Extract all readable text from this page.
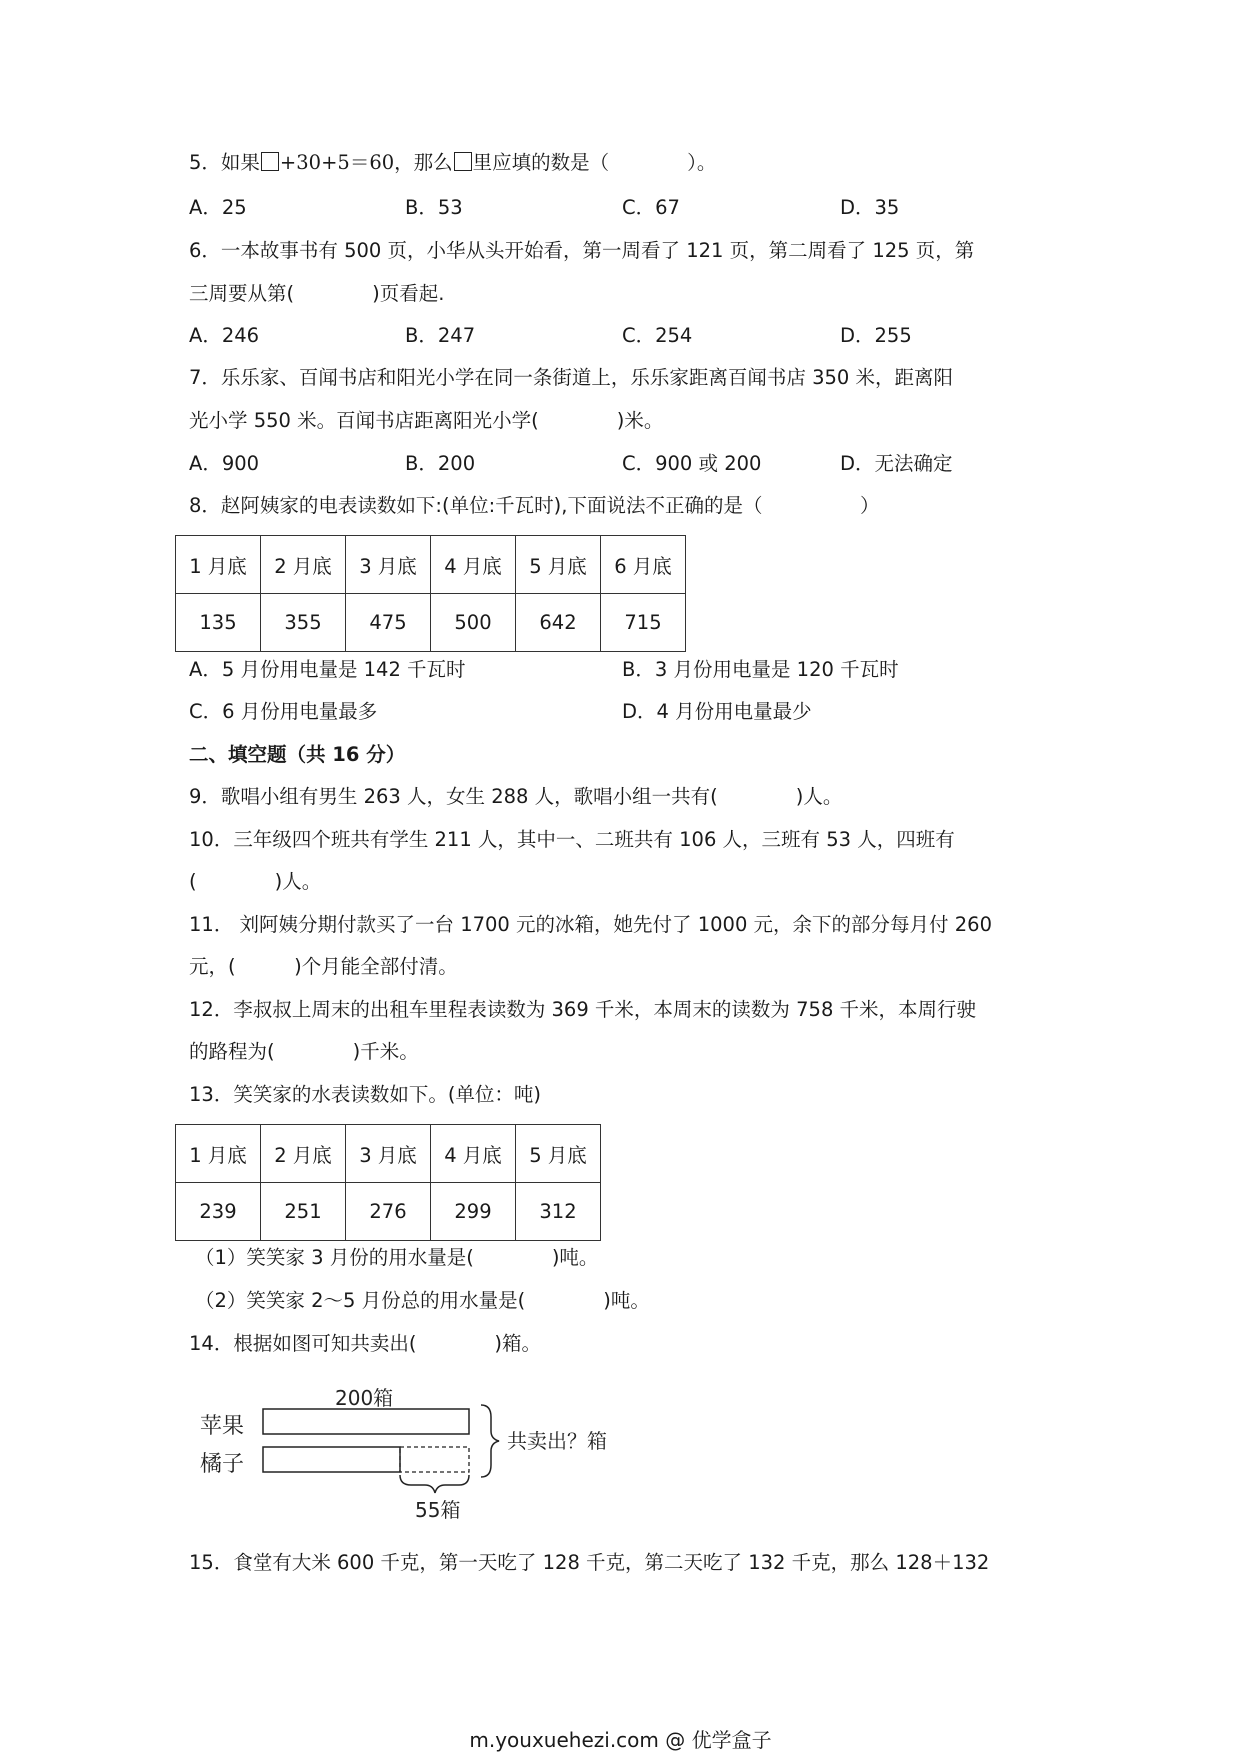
5．如果 +30+5＝60，那么 里应填的数是（　　　　）。
A．25	B．53	C．67	D．35
6．一本故事书有 500 页，小华从头开始看，第一周看了 121 页，第二周看了 125 页，第
三周要从第(　　　　)页看起.
A．246	B．247	C．254	D．255
7．乐乐家、百闻书店和阳光小学在同一条街道上，乐乐家距离百闻书店 350 米，距离阳
光小学 550 米。百闻书店距离阳光小学(　　　　)米。
A．900	B．200	C．900 或 200	D．无法确定
8．赵阿姨家的电表读数如下:(单位:千瓦时),下面说法不正确的是（　　　　　）
1 月底	2 月底	3 月底	4 月底	5 月底	6 月底
135	355	475	500	642	715
A．5 月份用电量是 142 千瓦时	B．3 月份用电量是 120 千瓦时
C．6 月份用电量最多	D．4 月份用电量最少
二、填空题（共 16 分）
9．歌唱小组有男生 263 人，女生 288 人，歌唱小组一共有(　　　　)人。
10．三年级四个班共有学生 211 人，其中一、二班共有 106 人，三班有 53 人，四班有
(　　　　)人。
11． 刘阿姨分期付款买了一台 1700 元的冰箱，她先付了 1000 元，余下的部分每月付 260
元，(　　　)个月能全部付清。
12．李叔叔上周末的出租车里程表读数为 369 千米，本周末的读数为 758 千米，本周行驶
的路程为(　　　　)千米。
13．笑笑家的水表读数如下。(单位：吨)
1 月底	2 月底	3 月底	4 月底	5 月底
239	251	276	299	312
（1）笑笑家 3 月份的用水量是(　　　　)吨。
（2）笑笑家 2～5 月份总的用水量是(　　　　)吨。
14．根据如图可知共卖出(　　　　)箱。
200箱
苹果
橘子
共卖出？箱
55箱
15．食堂有大米 600 千克，第一天吃了 128 千克，第二天吃了 132 千克，那么 128＋132
m.youxuehezi.com @ 优学盒子
